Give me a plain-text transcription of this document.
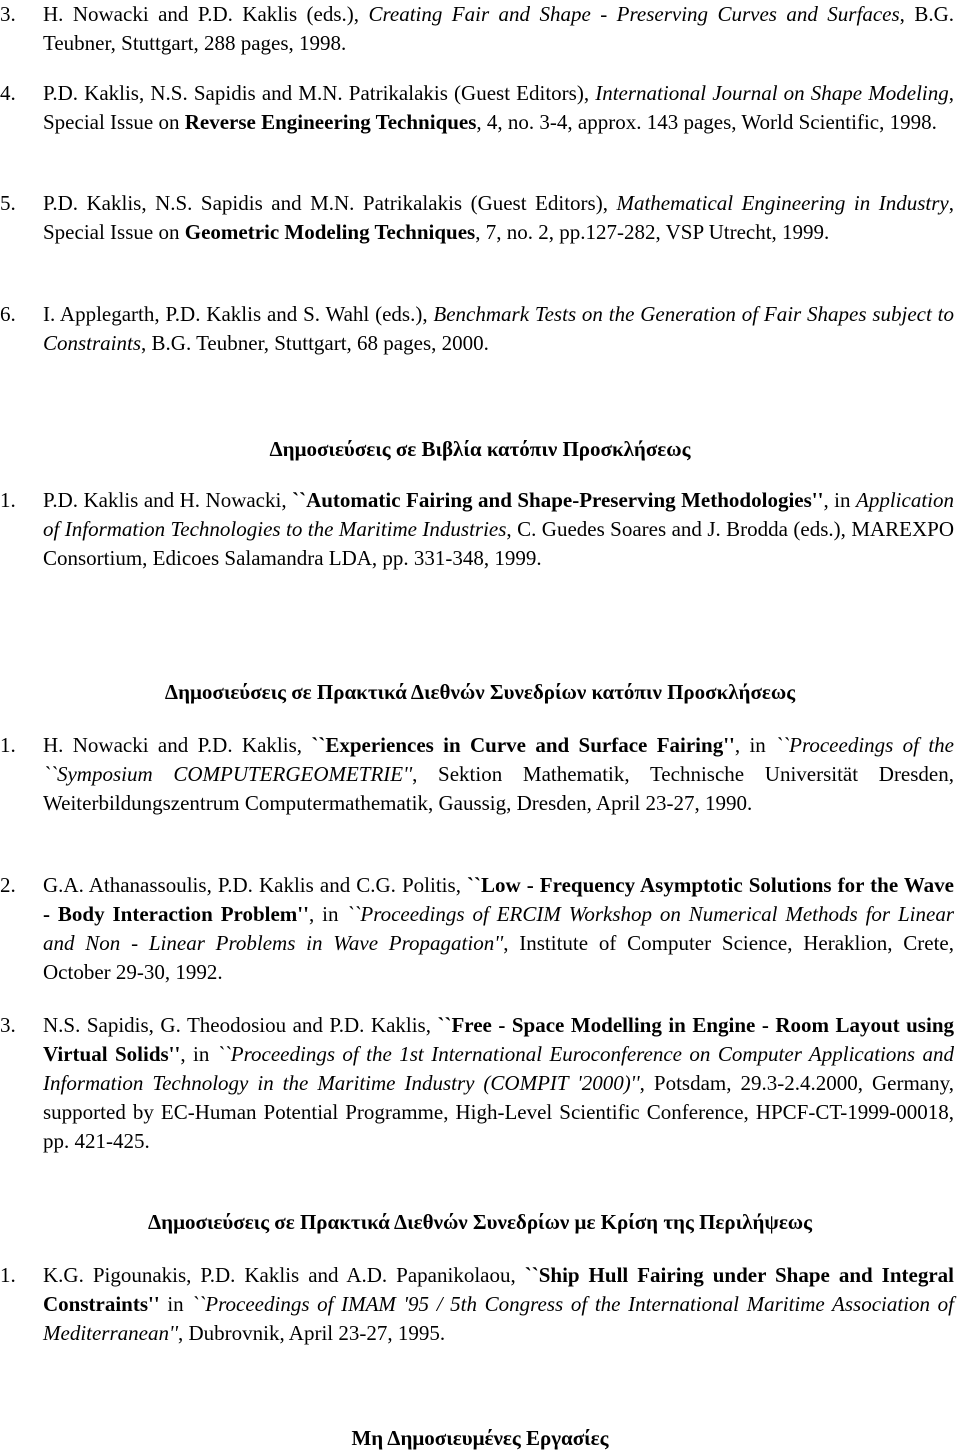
3.	H. Nowacki and P.D. Kaklis (eds.), Creating Fair and Shape - Preserving Curves and Surfaces, B.G. Teubner, Stuttgart, 288 pages, 1998.
4.	P.D. Kaklis, N.S. Sapidis and M.N. Patrikalakis (Guest Editors), International Journal on Shape Modeling, Special Issue on Reverse Engineering Techniques, 4, no. 3-4, approx. 143 pages, World Scientific, 1998.
5.	P.D. Kaklis, N.S. Sapidis and M.N. Patrikalakis (Guest Editors), Mathematical Engineering in Industry, Special Issue on Geometric Modeling Techniques, 7, no. 2, pp.127-282, VSP Utrecht, 1999.
6.	I. Applegarth, P.D. Kaklis and S. Wahl (eds.), Benchmark Tests on the Generation of Fair Shapes subject to Constraints, B.G. Teubner, Stuttgart, 68 pages, 2000.
Δημοσιεύσεις σε Βιβλία κατόπιν Προσκλήσεως
1.	P.D. Kaklis and H. Nowacki, ``Automatic Fairing and Shape-Preserving Methodologies'', in Application of Information Technologies to the Maritime Industries, C. Guedes Soares and J. Brodda (eds.), MAREXPO Consortium, Edicoes Salamandra LDA, pp. 331-348, 1999.
Δημοσιεύσεις σε Πρακτικά Διεθνών Συνεδρίων κατόπιν Προσκλήσεως
1.	H. Nowacki and P.D. Kaklis, ``Experiences in Curve and Surface Fairing'', in ``Proceedings of the ``Symposium COMPUTERGEOMETRIE'', Sektion Mathematik, Technische Universität Dresden, Weiterbildungszentrum Computermathematik, Gaussig, Dresden, April 23-27, 1990.
2.	G.A. Athanassoulis, P.D. Kaklis and C.G. Politis, ``Low - Frequency Asymptotic Solutions for the Wave - Body Interaction Problem'', in ``Proceedings of ERCIM Workshop on Numerical Methods for Linear and Non - Linear Problems in Wave Propagation'', Institute of Computer Science, Heraklion, Crete, October 29-30, 1992.
3.	N.S. Sapidis, G. Theodosiou and P.D. Kaklis, ``Free - Space Modelling in Engine - Room Layout using Virtual Solids'', in ``Proceedings of the 1st International Euroconference on Computer Applications and Information Technology in the Maritime Industry (COMPIT '2000)'', Potsdam, 29.3-2.4.2000, Germany, supported by EC-Human Potential Programme, High-Level Scientific Conference, HPCF-CT-1999-00018, pp. 421-425.
Δημοσιεύσεις σε Πρακτικά Διεθνών Συνεδρίων με Κρίση της Περιλήψεως
1.	K.G. Pigounakis, P.D. Kaklis and A.D. Papanikolaou, ``Ship Hull Fairing under Shape and Integral Constraints'' in ``Proceedings of IMAM '95 / 5th Congress of the International Maritime Association of Mediterranean'', Dubrovnik, April 23-27, 1995.
Μη Δημοσιευμένες Εργασίες
